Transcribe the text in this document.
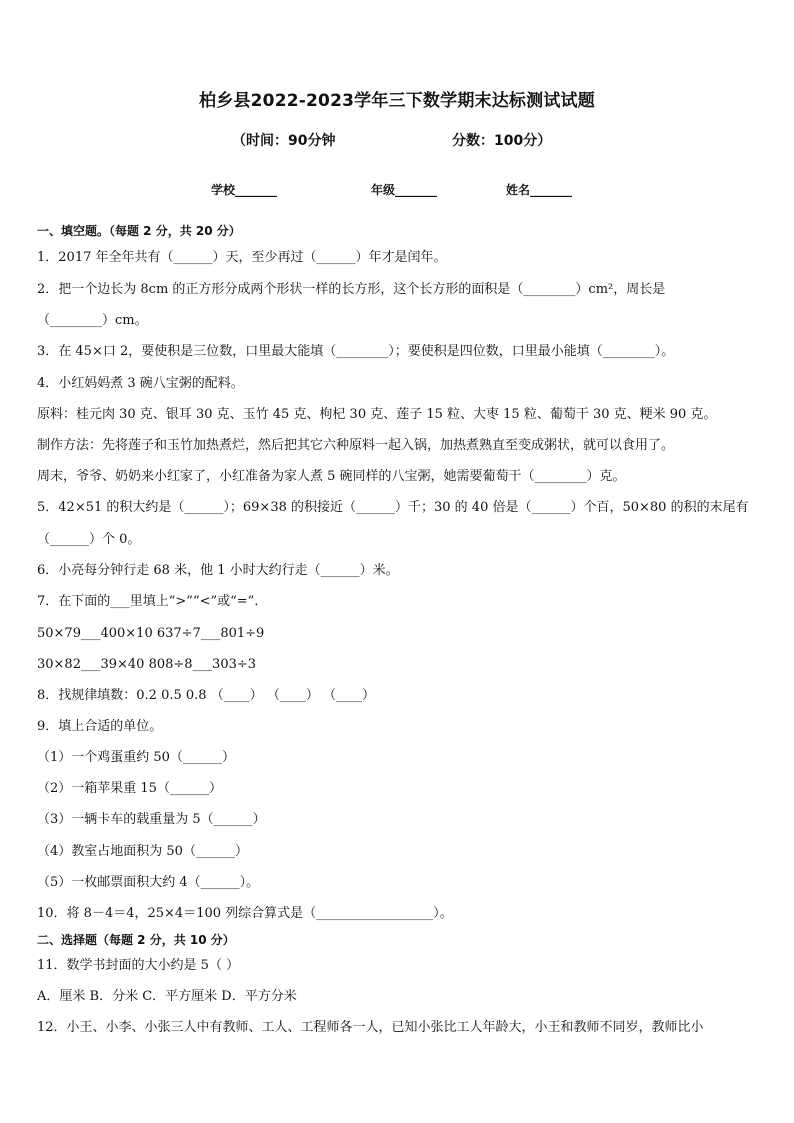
柏乡县2022-2023学年三下数学期末达标测试试题
（时间：90分钟	分数：100分）
学校_______	年级_______	姓名_______
一、填空题。（每题 2 分，共 20 分）
1．2017 年全年共有（______）天，至少再过（______）年才是闰年。
2．把一个边长为 8cm 的正方形分成两个形状一样的长方形，这个长方形的面积是（________）cm²，周长是
（________）cm。
3．在 45×口 2，要使积是三位数，口里最大能填（________）；要使积是四位数，口里最小能填（________）。
4．小红妈妈煮 3 碗八宝粥的配料。
原料：桂元肉 30 克、银耳 30 克、玉竹 45 克、枸杞 30 克、莲子 15 粒、大枣 15 粒、葡萄干 30 克、粳米 90 克。
制作方法：先将莲子和玉竹加热煮烂，然后把其它六种原料一起入锅，加热煮熟直至变成粥状，就可以食用了。
周末，爷爷、奶奶来小红家了，小红准备为家人煮 5 碗同样的八宝粥，她需要葡萄干（________）克。
5．42×51 的积大约是（______）；69×38 的积接近（______）千；30 的 40 倍是（______）个百，50×80 的积的末尾有
（______）个 0。
6．小亮每分钟行走 68 米，他 1 小时大约行走（______）米。
7．在下面的___里填上“>”“<”或“=”．
50×79___400×10 637÷7___801÷9
30×82___39×40 808÷8___303÷3
8．找规律填数：0.2 0.5 0.8 （____） （____） （____）
9．填上合适的单位。
（1）一个鸡蛋重约 50（______）
（2）一箱苹果重 15（______）
（3）一辆卡车的载重量为 5（______）
（4）教室占地面积为 50（______）
（5）一枚邮票面积大约 4（______）。
10．将 8－4＝4，25×4＝100 列综合算式是（__________________）。
二、选择题（每题 2 分，共 10 分）
11．数学书封面的大小约是 5（ ）
A．厘米 B．分米 C．平方厘米 D．平方分米
12．小王、小李、小张三人中有教师、工人、工程师各一人，已知小张比工人年龄大，小王和教师不同岁，教师比小
